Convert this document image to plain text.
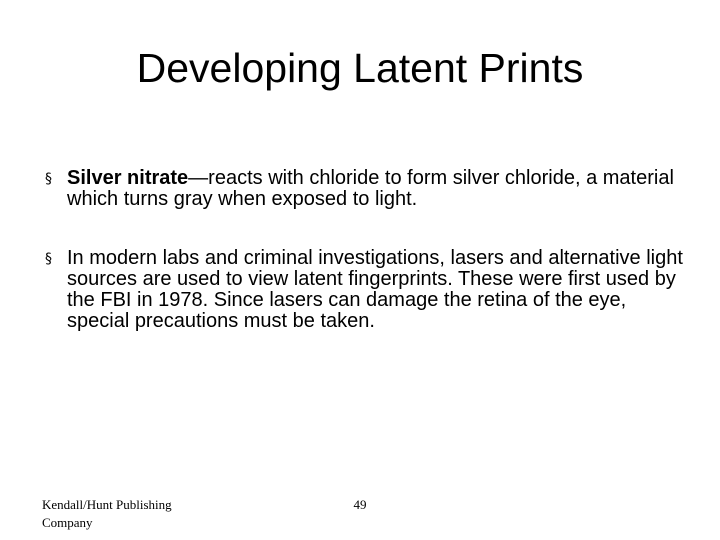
Developing Latent Prints
§ Silver nitrate—reacts with chloride to form silver chloride, a material which turns gray when exposed to light.
§ In modern labs and criminal investigations, lasers and alternative light sources are used to view latent fingerprints. These were first used by the FBI in 1978. Since lasers can damage the retina of the eye, special precautions must be taken.
Kendall/Hunt Publishing Company
49
